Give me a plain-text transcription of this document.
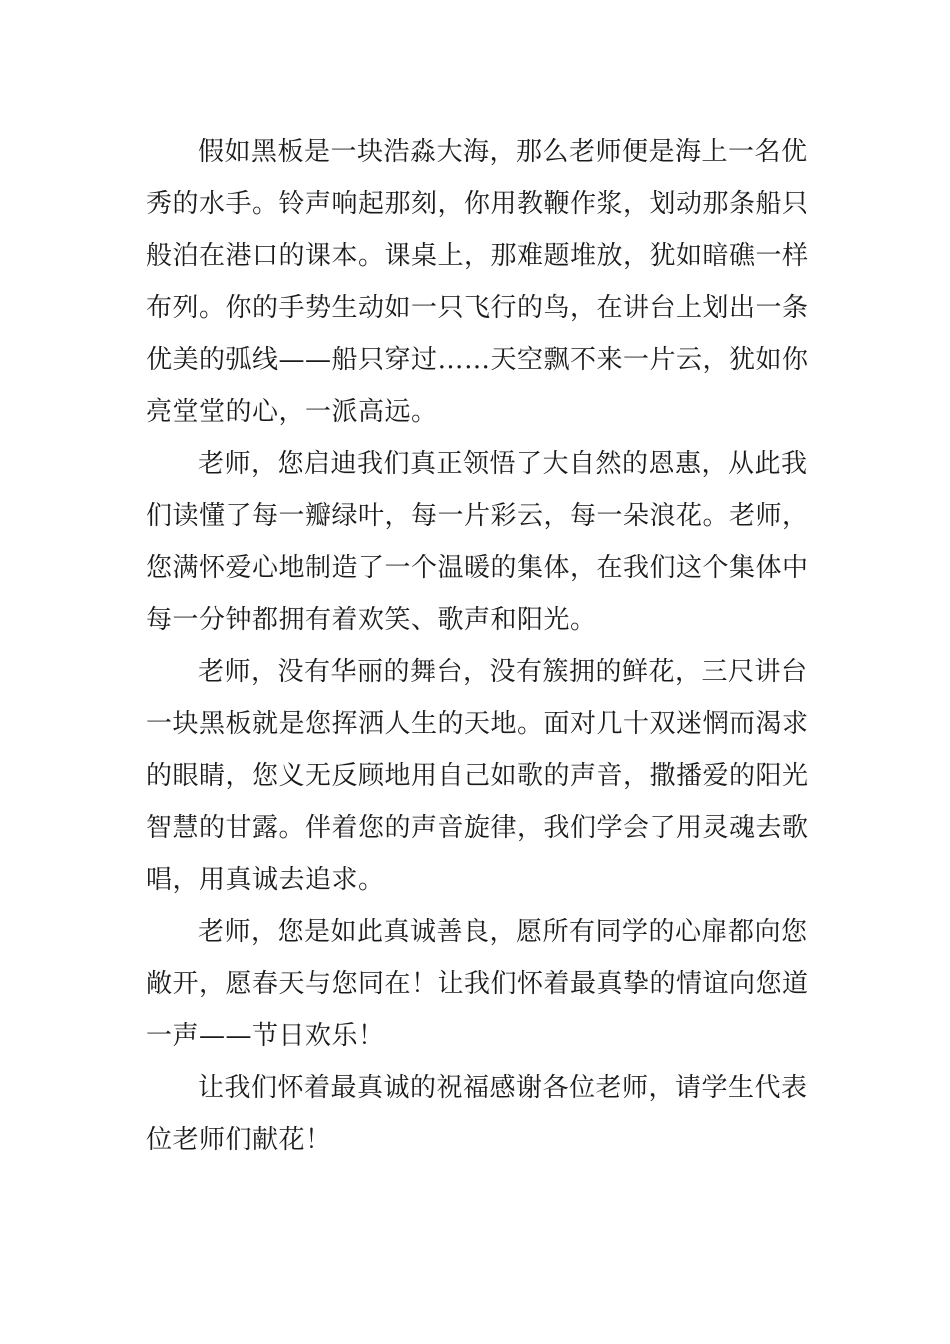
假如黑板是一块浩淼大海，那么老师便是海上一名优
秀的水手。铃声响起那刻，你用教鞭作浆，划动那条船只
般泊在港口的课本。课桌上，那难题堆放，犹如暗礁一样
布列。你的手势生动如一只飞行的鸟，在讲台上划出一条
优美的弧线——船只穿过……天空飘不来一片云，犹如你
亮堂堂的心，一派高远。

老师，您启迪我们真正领悟了大自然的恩惠，从此我
们读懂了每一瓣绿叶，每一片彩云，每一朵浪花。老师，
您满怀爱心地制造了一个温暖的集体，在我们这个集体中
每一分钟都拥有着欢笑、歌声和阳光。

老师，没有华丽的舞台，没有簇拥的鲜花，三尺讲台
一块黑板就是您挥洒人生的天地。面对几十双迷惘而渴求
的眼睛，您义无反顾地用自己如歌的声音，撒播爱的阳光
智慧的甘露。伴着您的声音旋律，我们学会了用灵魂去歌
唱，用真诚去追求。

老师，您是如此真诚善良，愿所有同学的心扉都向您
敞开，愿春天与您同在！让我们怀着最真挚的情谊向您道
一声——节日欢乐！

让我们怀着最真诚的祝福感谢各位老师，请学生代表
位老师们献花！
